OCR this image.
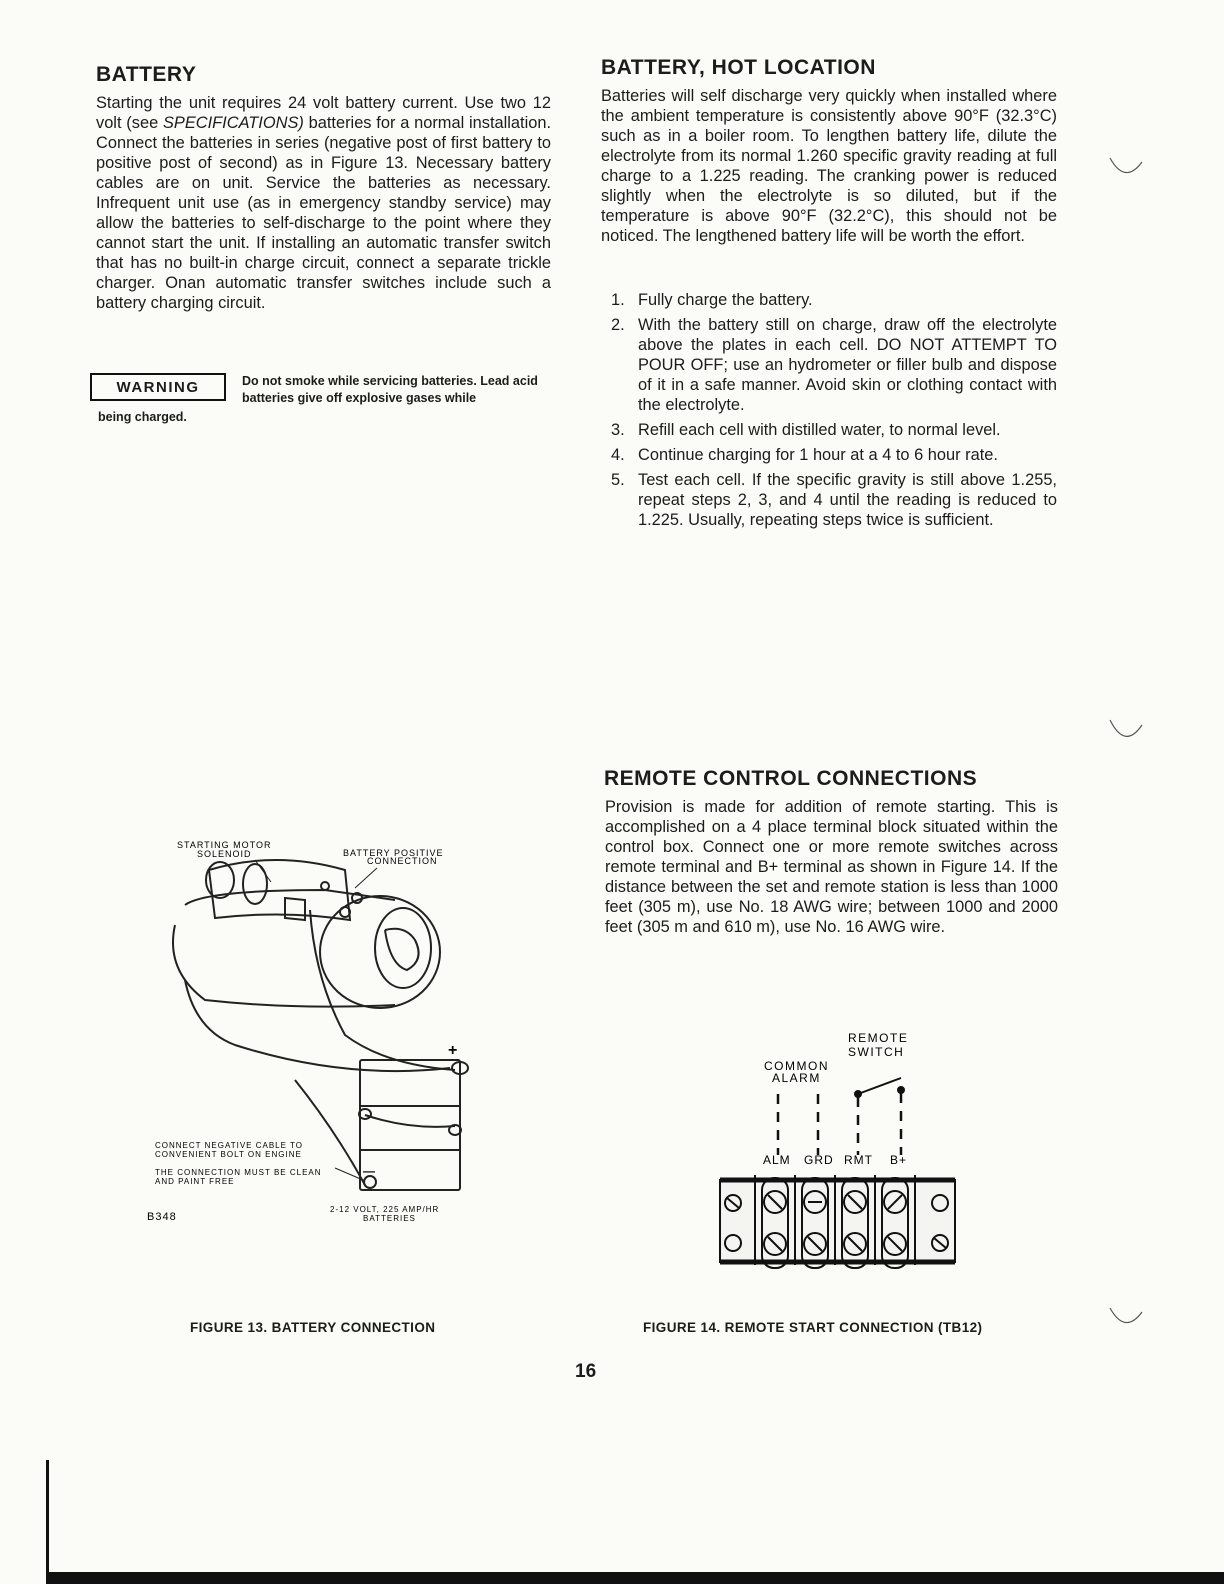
BATTERY
Starting the unit requires 24 volt battery current. Use two 12 volt (see SPECIFICATIONS) batteries for a normal installation. Connect the batteries in series (negative post of first battery to positive post of second) as in Figure 13. Necessary battery cables are on unit. Service the batteries as necessary. Infrequent unit use (as in emergency standby service) may allow the batteries to self-discharge to the point where they cannot start the unit. If installing an automatic transfer switch that has no built-in charge circuit, connect a separate trickle charger. Onan automatic transfer switches include such a battery charging circuit.
WARNING	Do not smoke while servicing batteries. Lead acid batteries give off explosive gases while
being charged.
BATTERY, HOT LOCATION
Batteries will self discharge very quickly when installed where the ambient temperature is consistently above 90°F (32.3°C) such as in a boiler room. To lengthen battery life, dilute the electrolyte from its normal 1.260 specific gravity reading at full charge to a 1.225 reading. The cranking power is reduced slightly when the electrolyte is so diluted, but if the temperature is above 90°F (32.2°C), this should not be noticed. The lengthened battery life will be worth the effort.
1. Fully charge the battery.
2. With the battery still on charge, draw off the electrolyte above the plates in each cell. DO NOT ATTEMPT TO POUR OFF; use an hydrometer or filler bulb and dispose of it in a safe manner. Avoid skin or clothing contact with the electrolyte.
3. Refill each cell with distilled water, to normal level.
4. Continue charging for 1 hour at a 4 to 6 hour rate.
5. Test each cell. If the specific gravity is still above 1.255, repeat steps 2, 3, and 4 until the reading is reduced to 1.225. Usually, repeating steps twice is sufficient.
REMOTE CONTROL CONNECTIONS
Provision is made for addition of remote starting. This is accomplished on a 4 place terminal block situated within the control box. Connect one or more remote switches across remote terminal and B+ terminal as shown in Figure 14. If the distance between the set and remote station is less than 1000 feet (305 m), use No. 18 AWG wire; between 1000 and 2000 feet (305 m and 610 m), use No. 16 AWG wire.
STARTING MOTOR
SOLENOID	BATTERY POSITIVE
CONNECTION
+
—
CONNECT NEGATIVE CABLE TO
CONVENIENT BOLT ON ENGINE
THE CONNECTION MUST BE CLEAN
AND PAINT FREE
B348
2-12 VOLT, 225 AMP/HR
BATTERIES
REMOTE
SWITCH
COMMON
ALARM
ALM GRD RMT B+
FIGURE 13. BATTERY CONNECTION	FIGURE 14. REMOTE START CONNECTION (TB12)
16
